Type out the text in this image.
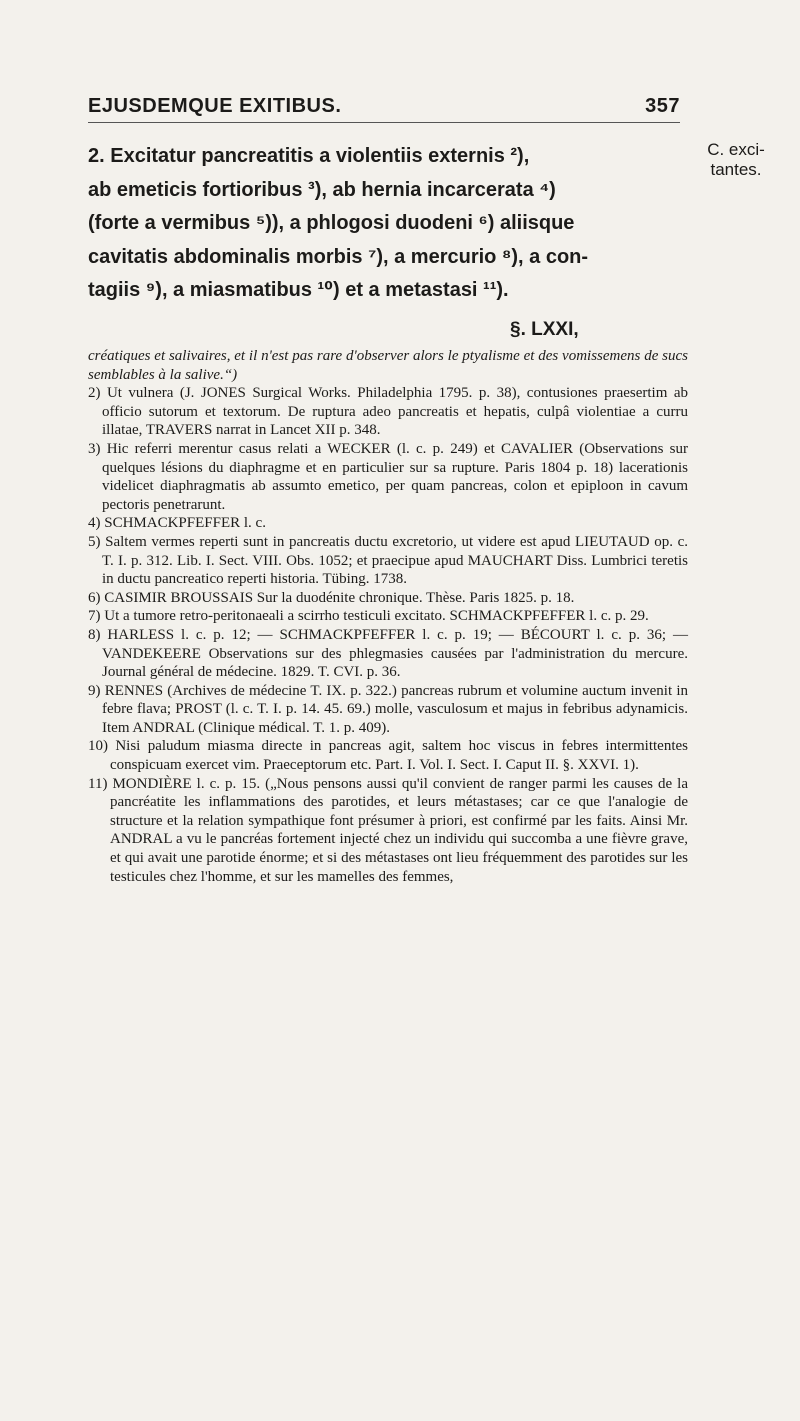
EJUSDEMQUE EXITIBUS.	357
C. exci-tantes.
2. Excitatur pancreatitis a violentiis externis ²),
ab emeticis fortioribus ³), ab hernia incarcerata ⁴)
(forte a vermibus ⁵)), a phlogosi duodeni ⁶) aliisque
cavitatis abdominalis morbis ⁷), a mercurio ⁸), a con-
tagiis ⁹), a miasmatibus ¹⁰) et a metastasi ¹¹).
§. LXXI,

créatiques et salivaires, et il n'est pas rare d'observer alors le ptyalisme et des vomissemens de sucs semblables à la salive.“)

2) Ut vulnera (J. JONES Surgical Works. Philadelphia 1795. p. 38), contusiones praesertim ab officio sutorum et textorum. De ruptura adeo pancreatis et hepatis, culpâ violentiae a curru illatae, TRAVERS narrat in Lancet XII p. 348.

3) Hic referri merentur casus relati a WECKER (l. c. p. 249) et CAVALIER (Observations sur quelques lésions du diaphragme et en particulier sur sa rupture. Paris 1804 p. 18) lacerationis videlicet diaphragmatis ab assumto emetico, per quam pancreas, colon et epiploon in cavum pectoris penetrarunt.

4) SCHMACKPFEFFER l. c.

5) Saltem vermes reperti sunt in pancreatis ductu excretorio, ut videre est apud LIEUTAUD op. c. T. I. p. 312. Lib. I. Sect. VIII. Obs. 1052; et praecipue apud MAUCHART Diss. Lumbrici teretis in ductu pancreatico reperti historia. Tübing. 1738.

6) CASIMIR BROUSSAIS Sur la duodénite chronique. Thèse. Paris 1825. p. 18.

7) Ut a tumore retro-peritonaeali a scirrho testiculi excitato. SCHMACKPFEFFER l. c. p. 29.

8) HARLESS l. c. p. 12; — SCHMACKPFEFFER l. c. p. 19; — BÉCOURT l. c. p. 36; — VANDEKEERE Observations sur des phlegmasies causées par l'administration du mercure. Journal général de médecine. 1829. T. CVI. p. 36.

9) RENNES (Archives de médecine T. IX. p. 322.) pancreas rubrum et volumine auctum invenit in febre flava; PROST (l. c. T. I. p. 14. 45. 69.) molle, vasculosum et majus in febribus adynamicis. Item ANDRAL (Clinique médical. T. 1. p. 409).

10) Nisi paludum miasma directe in pancreas agit, saltem hoc viscus in febres intermittentes conspicuam exercet vim. Praeceptorum etc. Part. I. Vol. I. Sect. I. Caput II. §. XXVI. 1).

11) MONDIÈRE l. c. p. 15. („Nous pensons aussi qu'il convient de ranger parmi les causes de la pancréatite les inflammations des parotides, et leurs métastases; car ce que l'analogie de structure et la relation sympathique font présumer à priori, est confirmé par les faits. Ainsi Mr. ANDRAL a vu le pancréas fortement injecté chez un individu qui succomba a une fièvre grave, et qui avait une parotide énorme; et si des métastases ont lieu fréquemment des parotides sur les testicules chez l'homme, et sur les mamelles des femmes,
